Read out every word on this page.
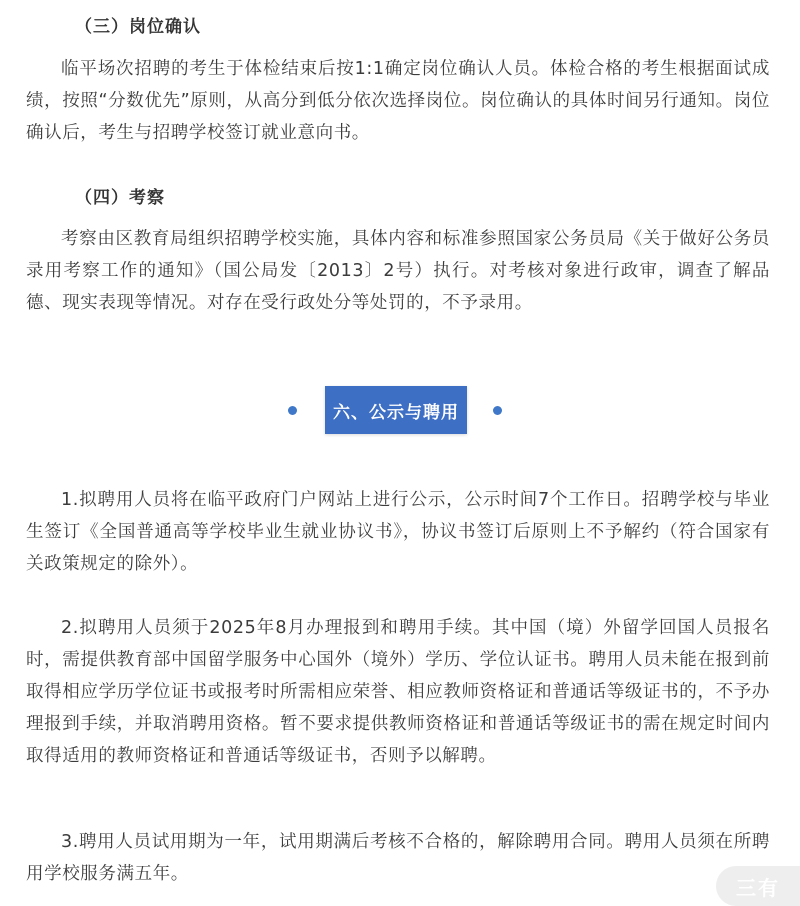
（三）岗位确认
临平场次招聘的考生于体检结束后按1:1确定岗位确认人员。体检合格的考生根据面试成绩，按照“分数优先”原则，从高分到低分依次选择岗位。岗位确认的具体时间另行通知。岗位确认后，考生与招聘学校签订就业意向书。
（四）考察
考察由区教育局组织招聘学校实施，具体内容和标准参照国家公务员局《关于做好公务员录用考察工作的通知》（国公局发〔2013〕2号）执行。对考核对象进行政审，调查了解品德、现实表现等情况。对存在受行政处分等处罚的，不予录用。
六、公示与聘用
1.拟聘用人员将在临平政府门户网站上进行公示，公示时间7个工作日。招聘学校与毕业生签订《全国普通高等学校毕业生就业协议书》，协议书签订后原则上不予解约（符合国家有关政策规定的除外）。
2.拟聘用人员须于2025年8月办理报到和聘用手续。其中国（境）外留学回国人员报名时，需提供教育部中国留学服务中心国外（境外）学历、学位认证书。聘用人员未能在报到前取得相应学历学位证书或报考时所需相应荣誉、相应教师资格证和普通话等级证书的，不予办理报到手续，并取消聘用资格。暂不要求提供教师资格证和普通话等级证书的需在规定时间内取得适用的教师资格证和普通话等级证书，否则予以解聘。
3.聘用人员试用期为一年，试用期满后考核不合格的，解除聘用合同。聘用人员须在所聘用学校服务满五年。
三有
